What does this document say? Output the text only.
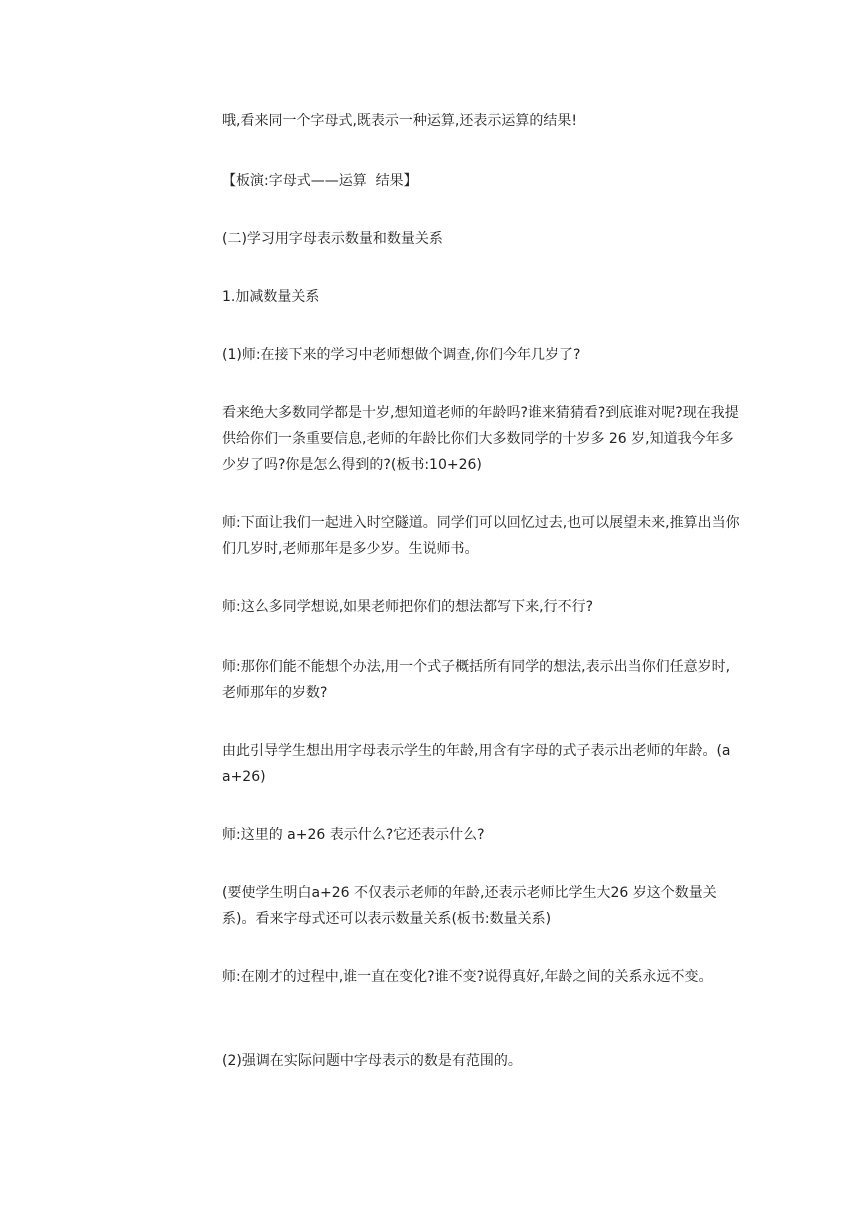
哦,看来同一个字母式,既表示一种运算,还表示运算的结果!
【板演:字母式——运算  结果】
(二)学习用字母表示数量和数量关系
1.加减数量关系
(1)师:在接下来的学习中老师想做个调查,你们今年几岁了?
看来绝大多数同学都是十岁,想知道老师的年龄吗?谁来猜猜看?到底谁对呢?现在我提供给你们一条重要信息,老师的年龄比你们大多数同学的十岁多 26 岁,知道我今年多少岁了吗?你是怎么得到的?(板书:10+26)
师:下面让我们一起进入时空隧道。同学们可以回忆过去,也可以展望未来,推算出当你们几岁时,老师那年是多少岁。生说师书。
师:这么多同学想说,如果老师把你们的想法都写下来,行不行?
师:那你们能不能想个办法,用一个式子概括所有同学的想法,表示出当你们任意岁时,老师那年的岁数?
由此引导学生想出用字母表示学生的年龄,用含有字母的式子表示出老师的年龄。(a         a+26)
师:这里的 a+26 表示什么?它还表示什么?
(要使学生明白a+26 不仅表示老师的年龄,还表示老师比学生大26 岁这个数量关系)。看来字母式还可以表示数量关系(板书:数量关系)
师:在刚才的过程中,谁一直在变化?谁不变?说得真好,年龄之间的关系永远不变。
(2)强调在实际问题中字母表示的数是有范围的。
